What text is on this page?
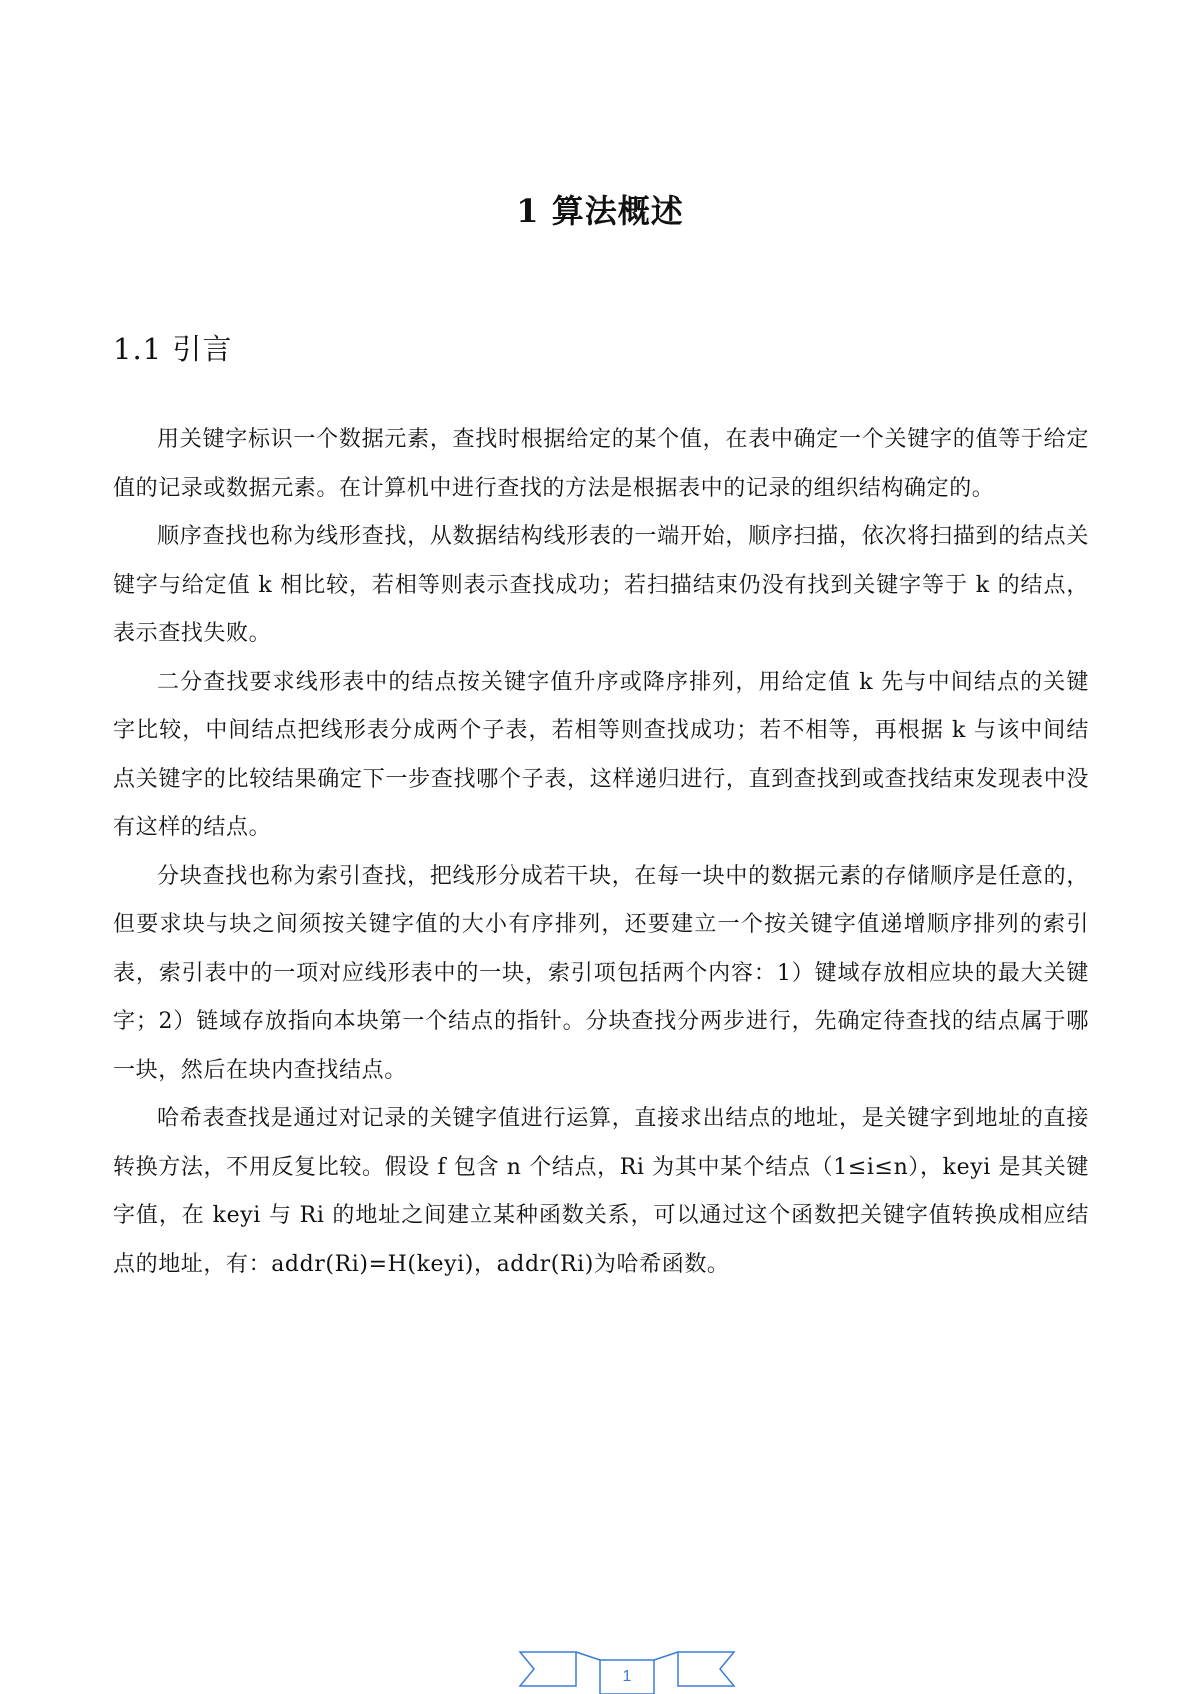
1 算法概述
1.1 引言

用关键字标识一个数据元素，查找时根据给定的某个值，在表中确定一个关键字的值等于给定值的记录或数据元素。在计算机中进行查找的方法是根据表中的记录的组织结构确定的。

顺序查找也称为线形查找，从数据结构线形表的一端开始，顺序扫描，依次将扫描到的结点关键字与给定值 k 相比较，若相等则表示查找成功；若扫描结束仍没有找到关键字等于 k 的结点，表示查找失败。

二分查找要求线形表中的结点按关键字值升序或降序排列，用给定值 k 先与中间结点的关键字比较，中间结点把线形表分成两个子表，若相等则查找成功；若不相等，再根据 k 与该中间结点关键字的比较结果确定下一步查找哪个子表，这样递归进行，直到查找到或查找结束发现表中没有这样的结点。

分块查找也称为索引查找，把线形分成若干块，在每一块中的数据元素的存储顺序是任意的，但要求块与块之间须按关键字值的大小有序排列，还要建立一个按关键字值递增顺序排列的索引表，索引表中的一项对应线形表中的一块，索引项包括两个内容：1）键域存放相应块的最大关键字；2）链域存放指向本块第一个结点的指针。分块查找分两步进行，先确定待查找的结点属于哪一块，然后在块内查找结点。

哈希表查找是通过对记录的关键字值进行运算，直接求出结点的地址，是关键字到地址的直接转换方法，不用反复比较。假设 f 包含 n 个结点，Ri 为其中某个结点（1≤i≤n），keyi 是其关键字值，在 keyi 与 Ri 的地址之间建立某种函数关系，可以通过这个函数把关键字值转换成相应结点的地址，有：addr(Ri)=H(keyi)，addr(Ri)为哈希函数。

1
